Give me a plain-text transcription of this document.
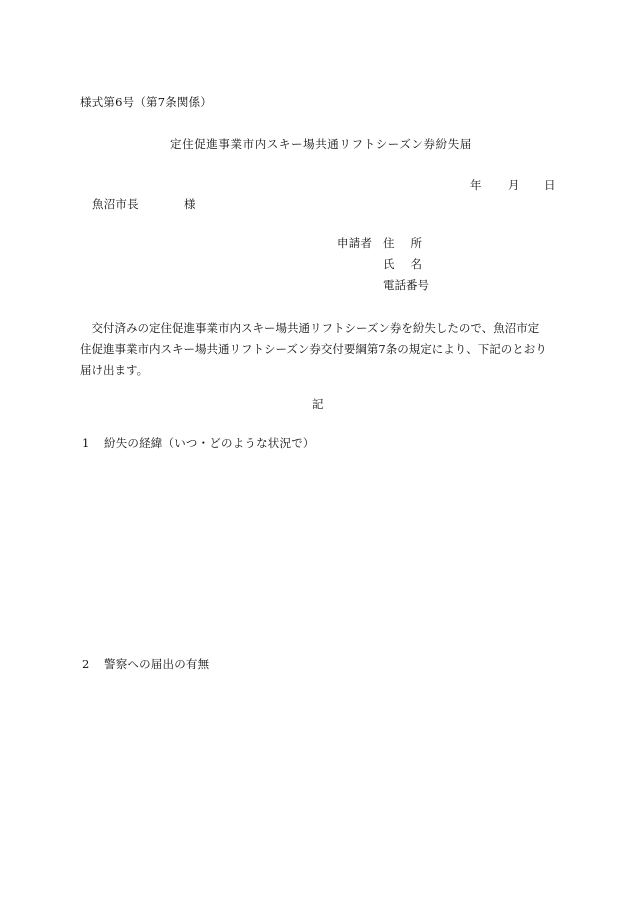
様式第6号（第7条関係）
定住促進事業市内スキー場共通リフトシーズン券紛失届
年 月 日
魚沼市長	様
申請者 住所
氏名
電話番号

　交付済みの定住促進事業市内スキー場共通リフトシーズン券を紛失したので、魚沼市定

住促進事業市内スキー場共通リフトシーズン券交付要綱第7条の規定により、下記のとおり

届け出ます。

記
1 紛失の経緯（いつ・どのような状況で）
2 警察への届出の有無
